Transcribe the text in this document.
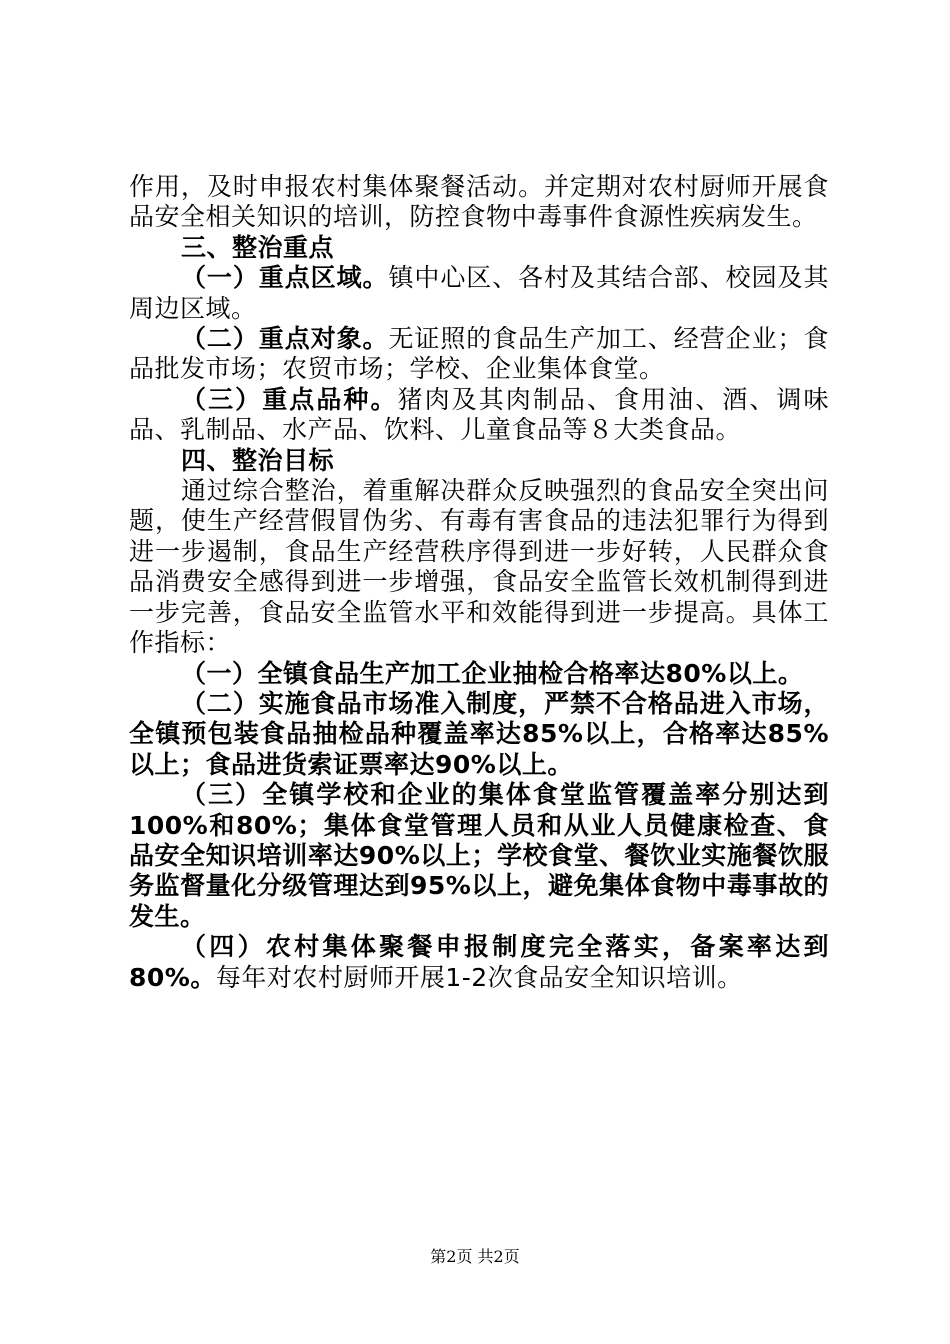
作用，及时申报农村集体聚餐活动。并定期对农村厨师开展食品安全相关知识的培训，防控食物中毒事件食源性疾病发生。

三、整治重点

（一）重点区域。镇中心区、各村及其结合部、校园及其周边区域。

（二）重点对象。无证照的食品生产加工、经营企业；食品批发市场；农贸市场；学校、企业集体食堂。

（三）重点品种。猪肉及其肉制品、食用油、酒、调味品、乳制品、水产品、饮料、儿童食品等８大类食品。

四、整治目标

通过综合整治，着重解决群众反映强烈的食品安全突出问题，使生产经营假冒伪劣、有毒有害食品的违法犯罪行为得到进一步遏制，食品生产经营秩序得到进一步好转，人民群众食品消费安全感得到进一步增强，食品安全监管长效机制得到进一步完善，食品安全监管水平和效能得到进一步提高。具体工作指标：

（一）全镇食品生产加工企业抽检合格率达80%以上。

（二）实施食品市场准入制度，严禁不合格品进入市场，全镇预包装食品抽检品种覆盖率达85%以上，合格率达85%以上；食品进货索证票率达90%以上。

（三）全镇学校和企业的集体食堂监管覆盖率分别达到100%和80%；集体食堂管理人员和从业人员健康检查、食品安全知识培训率达90%以上；学校食堂、餐饮业实施餐饮服务监督量化分级管理达到95%以上，避免集体食物中毒事故的发生。

（四）农村集体聚餐申报制度完全落实，备案率达到80%。每年对农村厨师开展1-2次食品安全知识培训。

第2页 共2页
